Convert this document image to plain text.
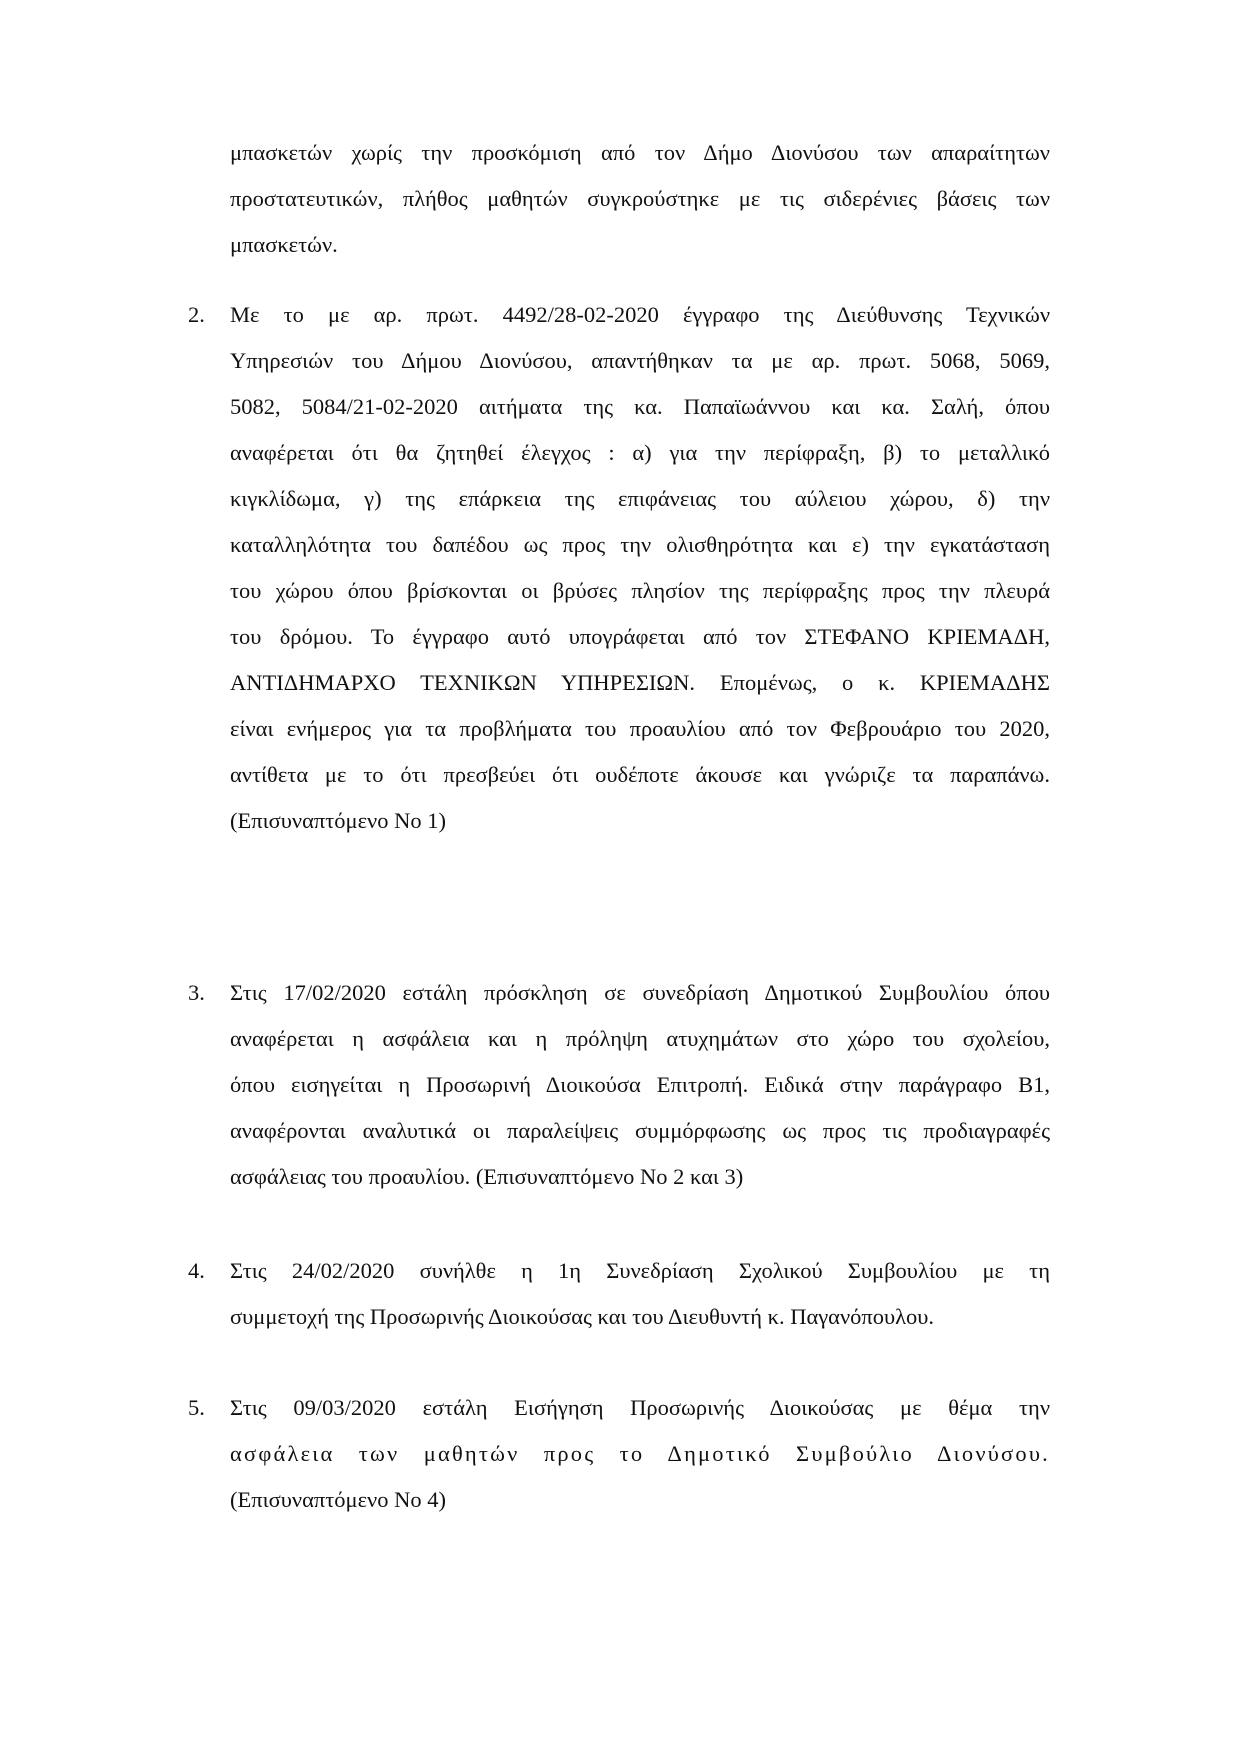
μπασκετών χωρίς την προσκόμιση από τον Δήμο Διονύσου των απαραίτητων
προστατευτικών, πλήθος μαθητών συγκρούστηκε με τις σιδερένιες βάσεις των
μπασκετών.
2. Με το με αρ. πρωτ. 4492/28-02-2020 έγγραφο της Διεύθυνσης Τεχνικών
Υπηρεσιών του Δήμου Διονύσου, απαντήθηκαν τα με αρ. πρωτ. 5068, 5069,
5082, 5084/21-02-2020 αιτήματα της κα. Παπαϊωάννου και κα. Σαλή, όπου
αναφέρεται ότι θα ζητηθεί έλεγχος : α) για την περίφραξη, β) το μεταλλικό
κιγκλίδωμα, γ) της επάρκεια της επιφάνειας του αύλειου χώρου, δ) την
καταλληλότητα του δαπέδου ως προς την ολισθηρότητα και ε) την εγκατάσταση
του χώρου όπου βρίσκονται οι βρύσες πλησίον της περίφραξης προς την πλευρά
του δρόμου. Το έγγραφο αυτό υπογράφεται από τον ΣΤΕΦΑΝΟ ΚΡΙΕΜΑΔΗ,
ΑΝΤΙΔΗΜΑΡΧΟ ΤΕΧΝΙΚΩΝ ΥΠΗΡΕΣΙΩΝ. Επομένως, ο κ. ΚΡΙΕΜΑΔΗΣ
είναι ενήμερος για τα προβλήματα του προαυλίου από τον Φεβρουάριο του 2020,
αντίθετα με το ότι πρεσβεύει ότι ουδέποτε άκουσε και γνώριζε τα παραπάνω.
(Επισυναπτόμενο Νο 1)
3. Στις 17/02/2020 εστάλη πρόσκληση σε συνεδρίαση Δημοτικού Συμβουλίου όπου
αναφέρεται η ασφάλεια και η πρόληψη ατυχημάτων στο χώρο του σχολείου,
όπου εισηγείται η Προσωρινή Διοικούσα Επιτροπή. Ειδικά στην παράγραφο Β1,
αναφέρονται αναλυτικά οι παραλείψεις συμμόρφωσης ως προς τις προδιαγραφές
ασφάλειας του προαυλίου. (Επισυναπτόμενο Νο 2 και 3)
4. Στις 24/02/2020 συνήλθε η 1η Συνεδρίαση Σχολικού Συμβουλίου με τη
συμμετοχή της Προσωρινής Διοικούσας και του Διευθυντή κ. Παγανόπουλου.
5. Στις 09/03/2020 εστάλη Εισήγηση Προσωρινής Διοικούσας με θέμα την
ασφάλεια των μαθητών προς το Δημοτικό Συμβούλιο Διονύσου.
(Επισυναπτόμενο Νο 4)
